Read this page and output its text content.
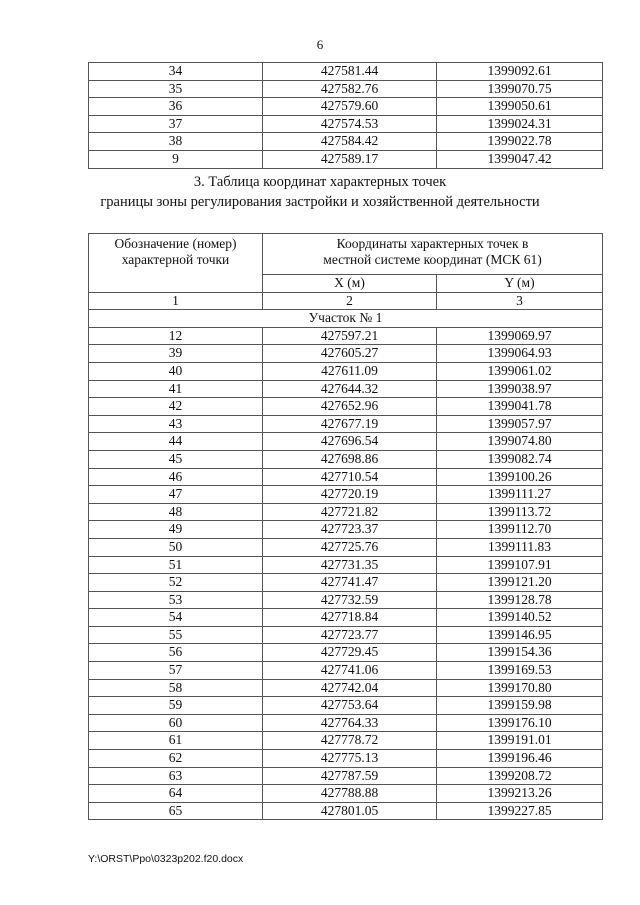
6
34	427581.44	1399092.61
35	427582.76	1399070.75
36	427579.60	1399050.61
37	427574.53	1399024.31
38	427584.42	1399022.78
9	427589.17	1399047.42
3. Таблица координат характерных точек
границы зоны регулирования застройки и хозяйственной деятельности
Обозначение (номер) характерной точки	Координаты характерных точек в местной системе координат (МСК 61)	
	X (м)	Y (м)
1	2	3
Участок № 1		
12	427597.21	1399069.97
39	427605.27	1399064.93
40	427611.09	1399061.02
41	427644.32	1399038.97
42	427652.96	1399041.78
43	427677.19	1399057.97
44	427696.54	1399074.80
45	427698.86	1399082.74
46	427710.54	1399100.26
47	427720.19	1399111.27
48	427721.82	1399113.72
49	427723.37	1399112.70
50	427725.76	1399111.83
51	427731.35	1399107.91
52	427741.47	1399121.20
53	427732.59	1399128.78
54	427718.84	1399140.52
55	427723.77	1399146.95
56	427729.45	1399154.36
57	427741.06	1399169.53
58	427742.04	1399170.80
59	427753.64	1399159.98
60	427764.33	1399176.10
61	427778.72	1399191.01
62	427775.13	1399196.46
63	427787.59	1399208.72
64	427788.88	1399213.26
65	427801.05	1399227.85
Y:\ORST\Ppo\0323p202.f20.docx
